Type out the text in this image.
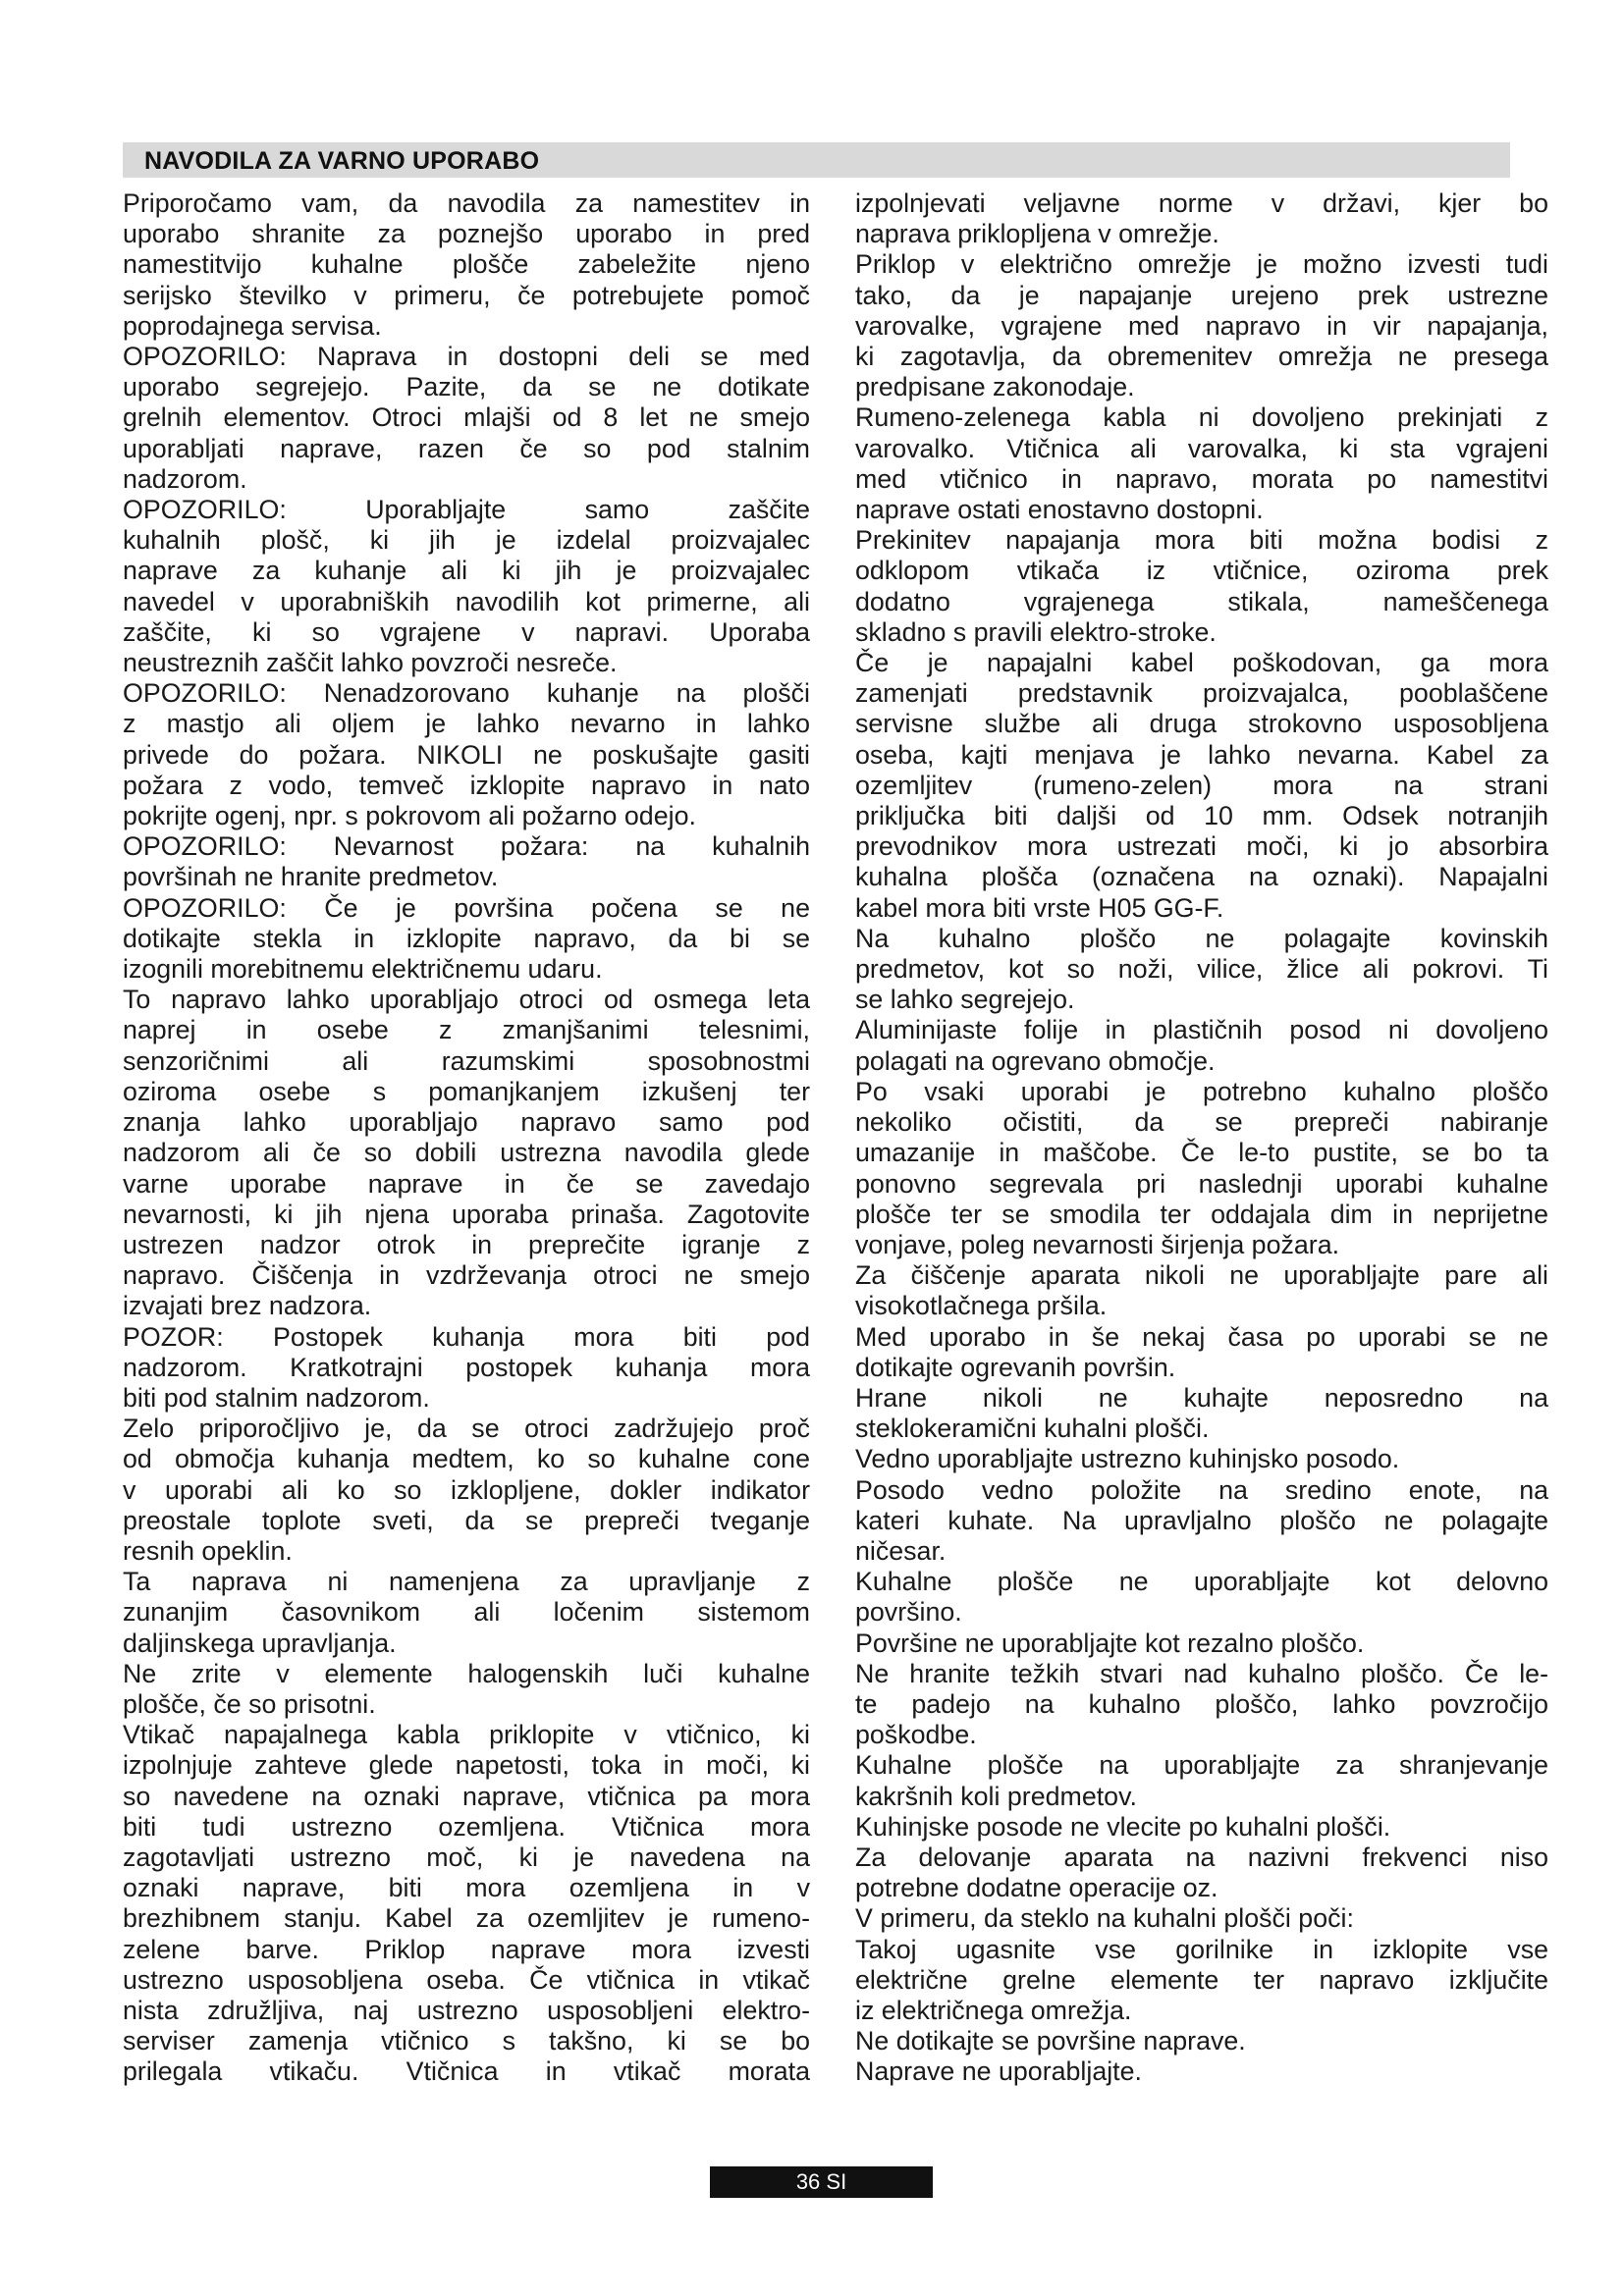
NAVODILA ZA VARNO UPORABO
Priporočamo vam, da navodila za namestitev in
uporabo shranite za poznejšo uporabo in pred
namestitvijo kuhalne plošče zabeležite njeno
serijsko številko v primeru, če potrebujete pomoč
poprodajnega servisa.
OPOZORILO: Naprava in dostopni deli se med
uporabo segrejejo. Pazite, da se ne dotikate
grelnih elementov. Otroci mlajši od 8 let ne smejo
uporabljati naprave, razen če so pod stalnim
nadzorom.
OPOZORILO: Uporabljajte samo zaščite
kuhalnih plošč, ki jih je izdelal proizvajalec
naprave za kuhanje ali ki jih je proizvajalec
navedel v uporabniških navodilih kot primerne, ali
zaščite, ki so vgrajene v napravi. Uporaba
neustreznih zaščit lahko povzroči nesreče.
OPOZORILO: Nenadzorovano kuhanje na plošči
z mastjo ali oljem je lahko nevarno in lahko
privede do požara. NIKOLI ne poskušajte gasiti
požara z vodo, temveč izklopite napravo in nato
pokrijte ogenj, npr. s pokrovom ali požarno odejo.
OPOZORILO: Nevarnost požara: na kuhalnih
površinah ne hranite predmetov.
OPOZORILO: Če je površina počena se ne
dotikajte stekla in izklopite napravo, da bi se
izognili morebitnemu električnemu udaru.
To napravo lahko uporabljajo otroci od osmega leta
naprej in osebe z zmanjšanimi telesnimi,
senzoričnimi ali razumskimi sposobnostmi
oziroma osebe s pomanjkanjem izkušenj ter
znanja lahko uporabljajo napravo samo pod
nadzorom ali če so dobili ustrezna navodila glede
varne uporabe naprave in če se zavedajo
nevarnosti, ki jih njena uporaba prinaša. Zagotovite
ustrezen nadzor otrok in preprečite igranje z
napravo. Čiščenja in vzdrževanja otroci ne smejo
izvajati brez nadzora.
POZOR: Postopek kuhanja mora biti pod
nadzorom. Kratkotrajni postopek kuhanja mora
biti pod stalnim nadzorom.
Zelo priporočljivo je, da se otroci zadržujejo proč
od območja kuhanja medtem, ko so kuhalne cone
v uporabi ali ko so izklopljene, dokler indikator
preostale toplote sveti, da se prepreči tveganje
resnih opeklin.
Ta naprava ni namenjena za upravljanje z
zunanjim časovnikom ali ločenim sistemom
daljinskega upravljanja.
Ne zrite v elemente halogenskih luči kuhalne
plošče, če so prisotni.
Vtikač napajalnega kabla priklopite v vtičnico, ki
izpolnjuje zahteve glede napetosti, toka in moči, ki
so navedene na oznaki naprave, vtičnica pa mora
biti tudi ustrezno ozemljena. Vtičnica mora
zagotavljati ustrezno moč, ki je navedena na
oznaki naprave, biti mora ozemljena in v
brezhibnem stanju. Kabel za ozemljitev je rumeno-
zelene barve. Priklop naprave mora izvesti
ustrezno usposobljena oseba. Če vtičnica in vtikač
nista združljiva, naj ustrezno usposobljeni elektro-
serviser zamenja vtičnico s takšno, ki se bo
prilegala vtikaču. Vtičnica in vtikač morata
izpolnjevati veljavne norme v državi, kjer bo
naprava priklopljena v omrežje.
Priklop v električno omrežje je možno izvesti tudi
tako, da je napajanje urejeno prek ustrezne
varovalke, vgrajene med napravo in vir napajanja,
ki zagotavlja, da obremenitev omrežja ne presega
predpisane zakonodaje.
Rumeno-zelenega kabla ni dovoljeno prekinjati z
varovalko. Vtičnica ali varovalka, ki sta vgrajeni
med vtičnico in napravo, morata po namestitvi
naprave ostati enostavno dostopni.
Prekinitev napajanja mora biti možna bodisi z
odklopom vtikača iz vtičnice, oziroma prek
dodatno vgrajenega stikala, nameščenega
skladno s pravili elektro-stroke.
Če je napajalni kabel poškodovan, ga mora
zamenjati predstavnik proizvajalca, pooblaščene
servisne službe ali druga strokovno usposobljena
oseba, kajti menjava je lahko nevarna. Kabel za
ozemljitev (rumeno-zelen) mora na strani
priključka biti daljši od 10 mm. Odsek notranjih
prevodnikov mora ustrezati moči, ki jo absorbira
kuhalna plošča (označena na oznaki). Napajalni
kabel mora biti vrste H05 GG-F.
Na kuhalno ploščo ne polagajte kovinskih
predmetov, kot so noži, vilice, žlice ali pokrovi. Ti
se lahko segrejejo.
Aluminijaste folije in plastičnih posod ni dovoljeno
polagati na ogrevano območje.
Po vsaki uporabi je potrebno kuhalno ploščo
nekoliko očistiti, da se prepreči nabiranje
umazanije in maščobe. Če le-to pustite, se bo ta
ponovno segrevala pri naslednji uporabi kuhalne
plošče ter se smodila ter oddajala dim in neprijetne
vonjave, poleg nevarnosti širjenja požara.
Za čiščenje aparata nikoli ne uporabljajte pare ali
visokotlačnega pršila.
Med uporabo in še nekaj časa po uporabi se ne
dotikajte ogrevanih površin.
Hrane nikoli ne kuhajte neposredno na
steklokeramični kuhalni plošči.
Vedno uporabljajte ustrezno kuhinjsko posodo.
Posodo vedno položite na sredino enote, na
kateri kuhate. Na upravljalno ploščo ne polagajte
ničesar.
Kuhalne plošče ne uporabljajte kot delovno
površino.
Površine ne uporabljajte kot rezalno ploščo.
Ne hranite težkih stvari nad kuhalno ploščo. Če le-
te padejo na kuhalno ploščo, lahko povzročijo
poškodbe.
Kuhalne plošče na uporabljajte za shranjevanje
kakršnih koli predmetov.
Kuhinjske posode ne vlecite po kuhalni plošči.
Za delovanje aparata na nazivni frekvenci niso
potrebne dodatne operacije oz.
V primeru, da steklo na kuhalni plošči poči:
Takoj ugasnite vse gorilnike in izklopite vse
električne grelne elemente ter napravo izključite
iz električnega omrežja.
Ne dotikajte se površine naprave.
Naprave ne uporabljajte.
36 SI
